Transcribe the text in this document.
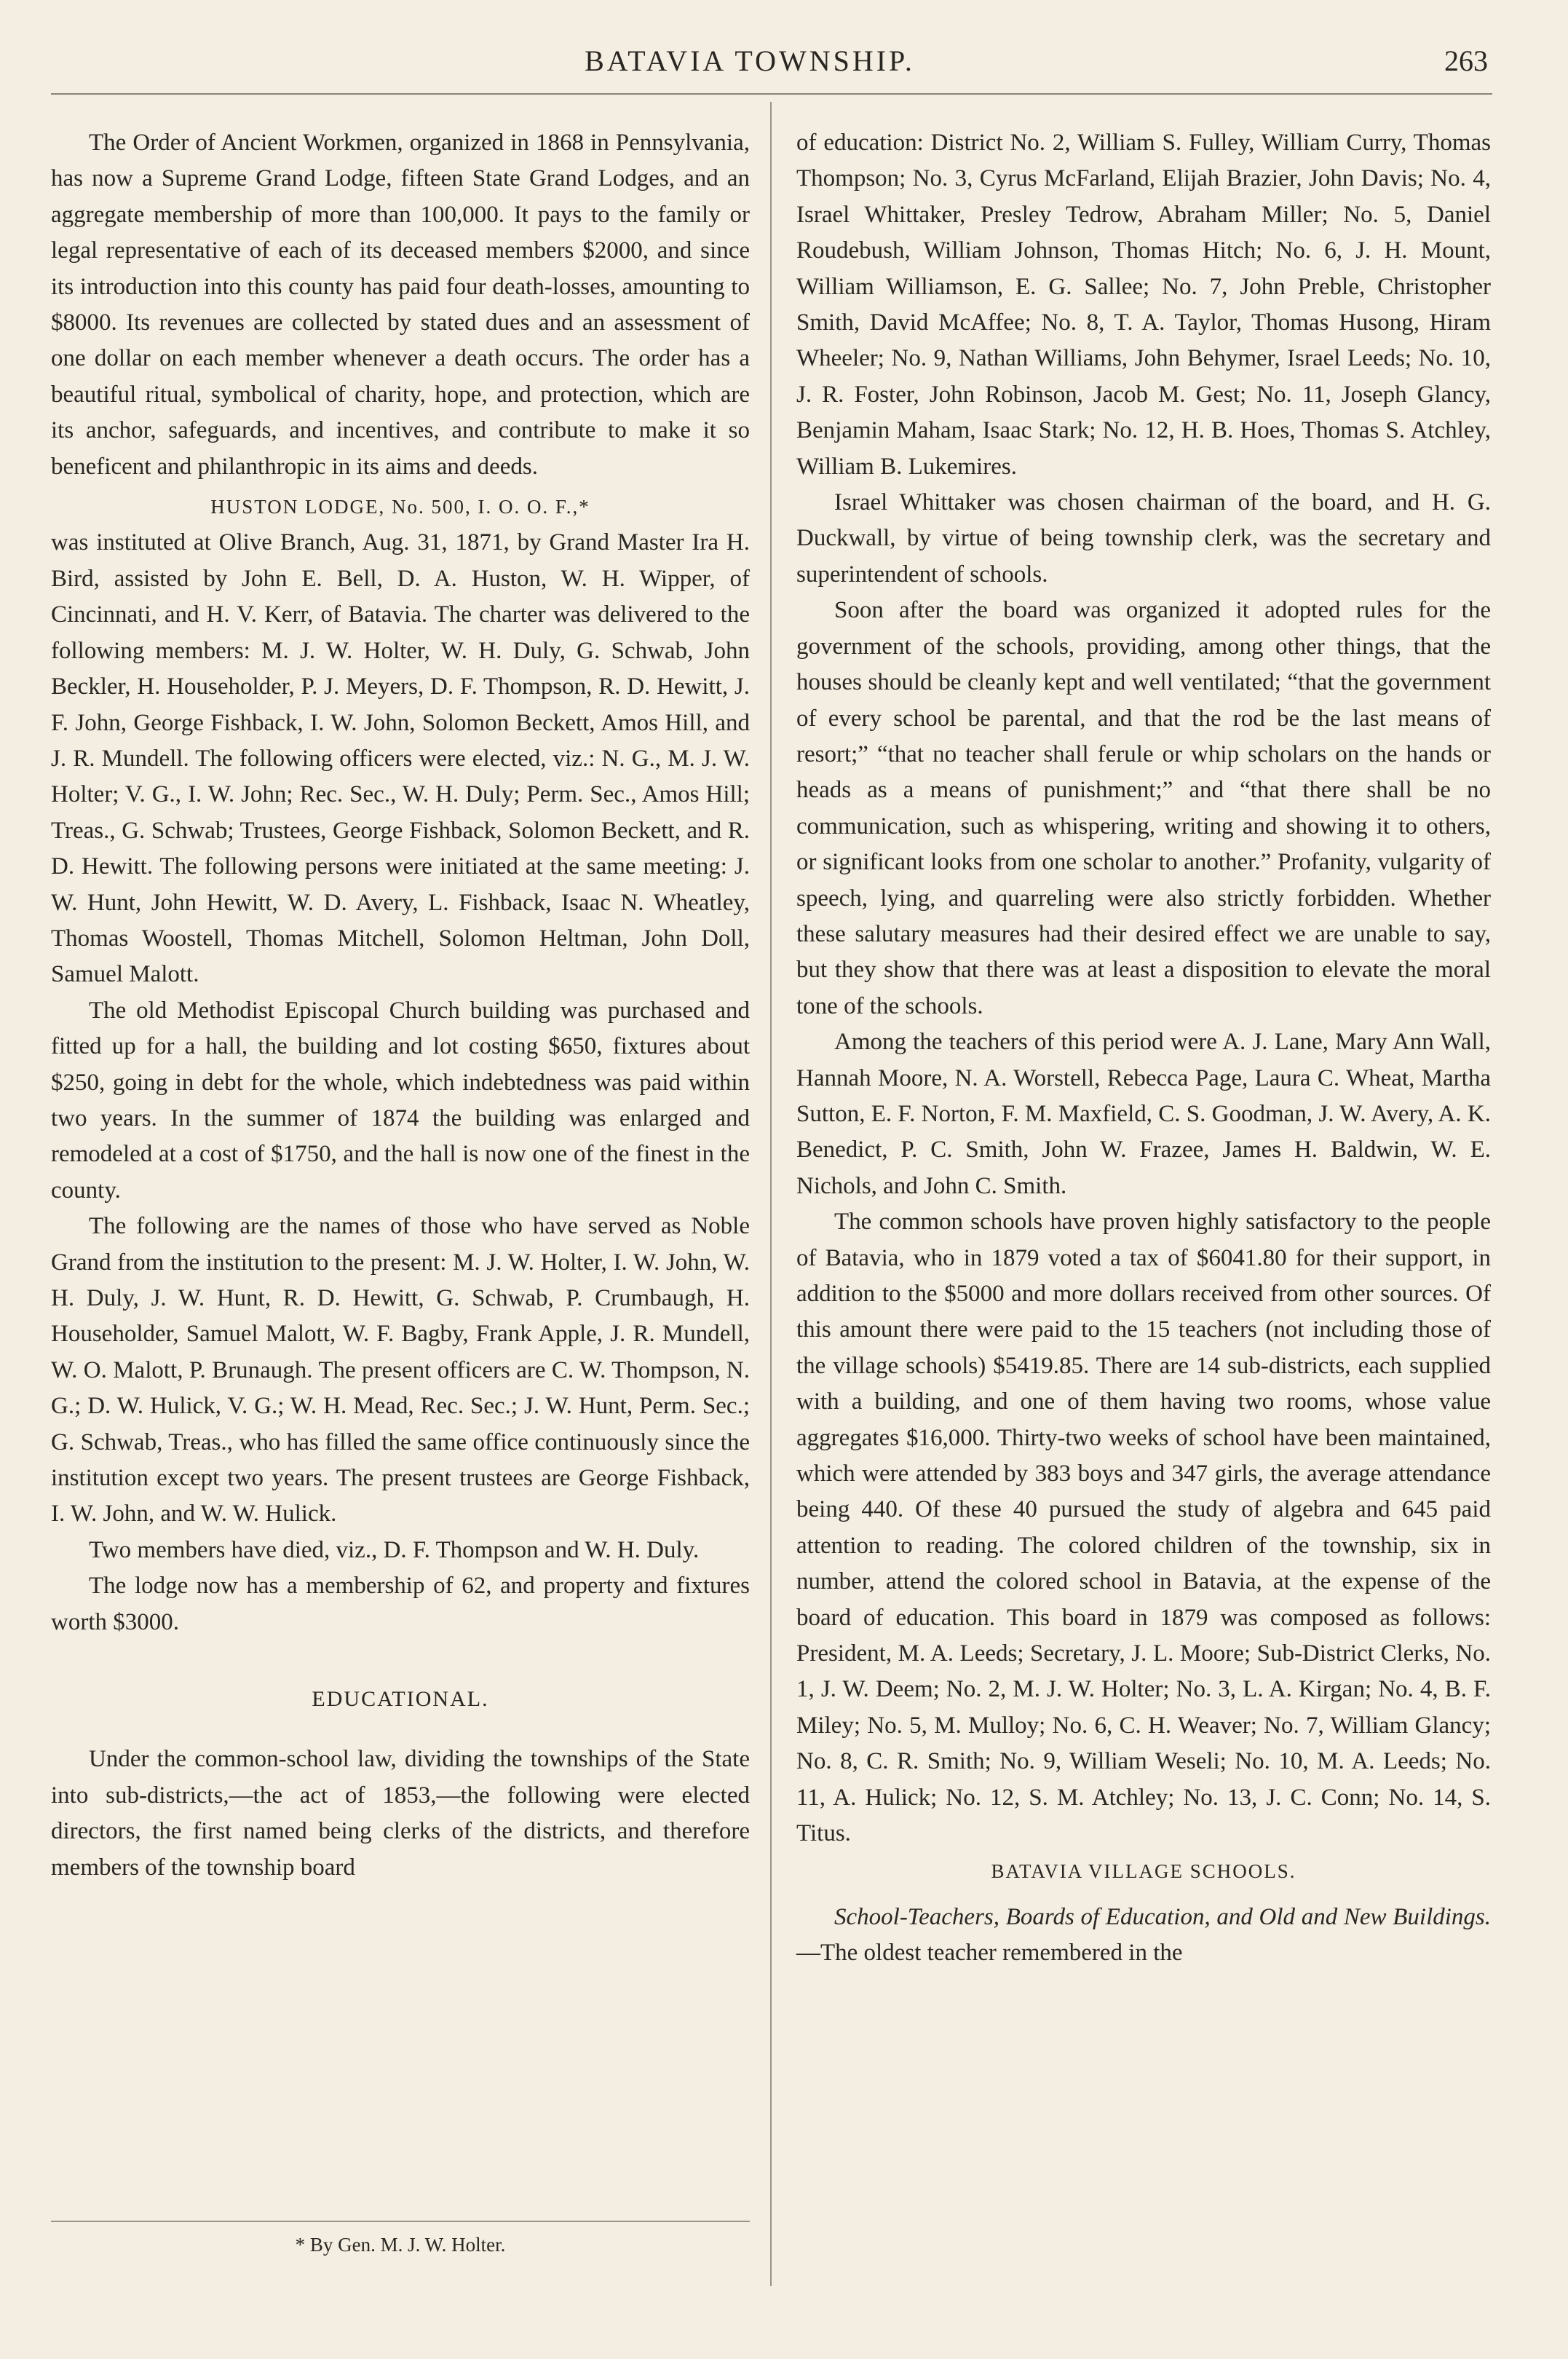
BATAVIA TOWNSHIP.	263

The Order of Ancient Workmen, organized in 1868 in Pennsylvania, has now a Supreme Grand Lodge, fifteen State Grand Lodges, and an aggregate membership of more than 100,000. It pays to the family or legal representative of each of its deceased members $2000, and since its introduction into this county has paid four death-losses, amounting to $8000. Its revenues are collected by stated dues and an assessment of one dollar on each member whenever a death occurs. The order has a beautiful ritual, symbolical of charity, hope, and protection, which are its anchor, safeguards, and incentives, and contribute to make it so beneficent and philanthropic in its aims and deeds.

HUSTON LODGE, No. 500, I. O. O. F.,*

was instituted at Olive Branch, Aug. 31, 1871, by Grand Master Ira H. Bird, assisted by John E. Bell, D. A. Huston, W. H. Wipper, of Cincinnati, and H. V. Kerr, of Batavia. The charter was delivered to the following members: M. J. W. Holter, W. H. Duly, G. Schwab, John Beckler, H. Householder, P. J. Meyers, D. F. Thompson, R. D. Hewitt, J. F. John, George Fishback, I. W. John, Solomon Beckett, Amos Hill, and J. R. Mundell. The following officers were elected, viz.: N. G., M. J. W. Holter; V. G., I. W. John; Rec. Sec., W. H. Duly; Perm. Sec., Amos Hill; Treas., G. Schwab; Trustees, George Fishback, Solomon Beckett, and R. D. Hewitt. The following persons were initiated at the same meeting: J. W. Hunt, John Hewitt, W. D. Avery, L. Fishback, Isaac N. Wheatley, Thomas Woostell, Thomas Mitchell, Solomon Heltman, John Doll, Samuel Malott.

The old Methodist Episcopal Church building was purchased and fitted up for a hall, the building and lot costing $650, fixtures about $250, going in debt for the whole, which indebtedness was paid within two years. In the summer of 1874 the building was enlarged and remodeled at a cost of $1750, and the hall is now one of the finest in the county.

The following are the names of those who have served as Noble Grand from the institution to the present: M. J. W. Holter, I. W. John, W. H. Duly, J. W. Hunt, R. D. Hewitt, G. Schwab, P. Crumbaugh, H. Householder, Samuel Malott, W. F. Bagby, Frank Apple, J. R. Mundell, W. O. Malott, P. Brunaugh. The present officers are C. W. Thompson, N. G.; D. W. Hulick, V. G.; W. H. Mead, Rec. Sec.; J. W. Hunt, Perm. Sec.; G. Schwab, Treas., who has filled the same office continuously since the institution except two years. The present trustees are George Fishback, I. W. John, and W. W. Hulick.

Two members have died, viz., D. F. Thompson and W. H. Duly.

The lodge now has a membership of 62, and property and fixtures worth $3000.

EDUCATIONAL.

Under the common-school law, dividing the townships of the State into sub-districts,—the act of 1853,—the following were elected directors, the first named being clerks of the districts, and therefore members of the township board

* By Gen. M. J. W. Holter.

of education: District No. 2, William S. Fulley, William Curry, Thomas Thompson; No. 3, Cyrus McFarland, Elijah Brazier, John Davis; No. 4, Israel Whittaker, Presley Tedrow, Abraham Miller; No. 5, Daniel Roudebush, William Johnson, Thomas Hitch; No. 6, J. H. Mount, William Williamson, E. G. Sallee; No. 7, John Preble, Christopher Smith, David McAffee; No. 8, T. A. Taylor, Thomas Husong, Hiram Wheeler; No. 9, Nathan Williams, John Behymer, Israel Leeds; No. 10, J. R. Foster, John Robinson, Jacob M. Gest; No. 11, Joseph Glancy, Benjamin Maham, Isaac Stark; No. 12, H. B. Hoes, Thomas S. Atchley, William B. Lukemires.

Israel Whittaker was chosen chairman of the board, and H. G. Duckwall, by virtue of being township clerk, was the secretary and superintendent of schools.

Soon after the board was organized it adopted rules for the government of the schools, providing, among other things, that the houses should be cleanly kept and well ventilated; “that the government of every school be parental, and that the rod be the last means of resort;” “that no teacher shall ferule or whip scholars on the hands or heads as a means of punishment;” and “that there shall be no communication, such as whispering, writing and showing it to others, or significant looks from one scholar to another.” Profanity, vulgarity of speech, lying, and quarreling were also strictly forbidden. Whether these salutary measures had their desired effect we are unable to say, but they show that there was at least a disposition to elevate the moral tone of the schools.

Among the teachers of this period were A. J. Lane, Mary Ann Wall, Hannah Moore, N. A. Worstell, Rebecca Page, Laura C. Wheat, Martha Sutton, E. F. Norton, F. M. Maxfield, C. S. Goodman, J. W. Avery, A. K. Benedict, P. C. Smith, John W. Frazee, James H. Baldwin, W. E. Nichols, and John C. Smith.

The common schools have proven highly satisfactory to the people of Batavia, who in 1879 voted a tax of $6041.80 for their support, in addition to the $5000 and more dollars received from other sources. Of this amount there were paid to the 15 teachers (not including those of the village schools) $5419.85. There are 14 sub-districts, each supplied with a building, and one of them having two rooms, whose value aggregates $16,000. Thirty-two weeks of school have been maintained, which were attended by 383 boys and 347 girls, the average attendance being 440. Of these 40 pursued the study of algebra and 645 paid attention to reading. The colored children of the township, six in number, attend the colored school in Batavia, at the expense of the board of education. This board in 1879 was composed as follows: President, M. A. Leeds; Secretary, J. L. Moore; Sub-District Clerks, No. 1, J. W. Deem; No. 2, M. J. W. Holter; No. 3, L. A. Kirgan; No. 4, B. F. Miley; No. 5, M. Mulloy; No. 6, C. H. Weaver; No. 7, William Glancy; No. 8, C. R. Smith; No. 9, William Weseli; No. 10, M. A. Leeds; No. 11, A. Hulick; No. 12, S. M. Atchley; No. 13, J. C. Conn; No. 14, S. Titus.

BATAVIA VILLAGE SCHOOLS.

School-Teachers, Boards of Education, and Old and New Buildings.—The oldest teacher remembered in the
